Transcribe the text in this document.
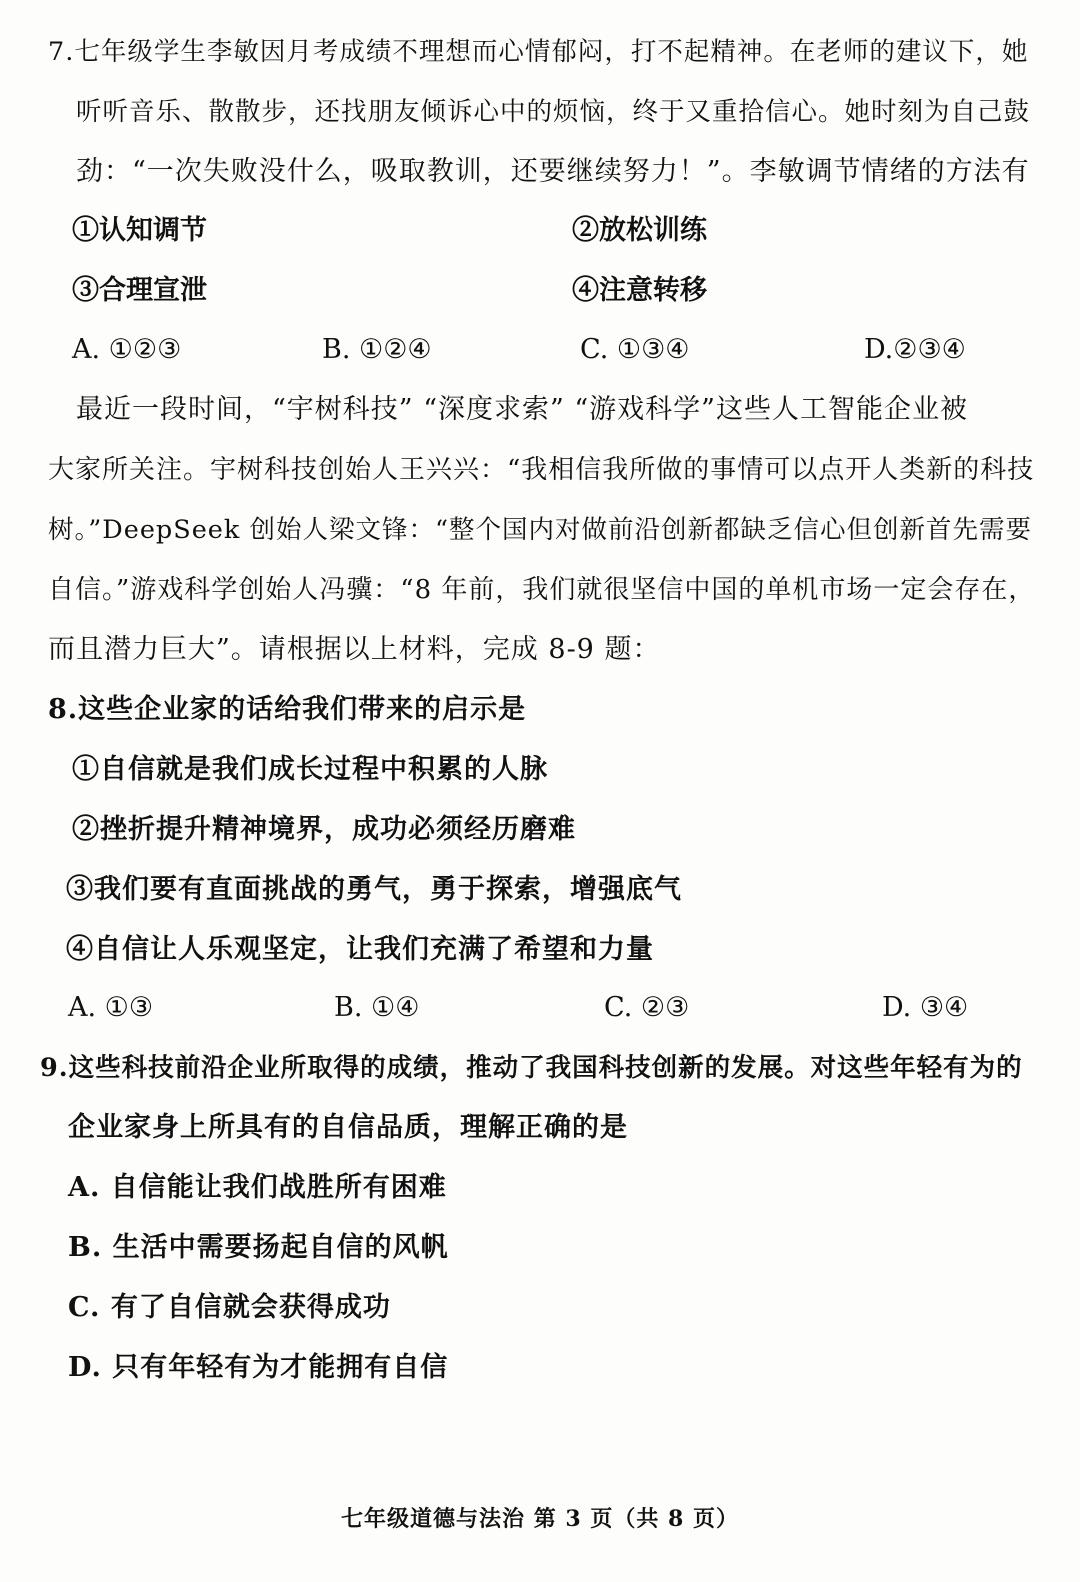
7.七年级学生李敏因月考成绩不理想而心情郁闷，打不起精神。在老师的建议下，她
听听音乐、散散步，还找朋友倾诉心中的烦恼，终于又重拾信心。她时刻为自己鼓
劲：“一次失败没什么，吸取教训，还要继续努力！”。李敏调节情绪的方法有
①认知调节	②放松训练
③合理宣泄	④注意转移
A. ①②③	B. ①②④	C. ①③④	D.②③④
最近一段时间，“宇树科技” “深度求索” “游戏科学”这些人工智能企业被
大家所关注。宇树科技创始人王兴兴：“我相信我所做的事情可以点开人类新的科技
树。”DeepSeek 创始人梁文锋：“整个国内对做前沿创新都缺乏信心但创新首先需要
自信。”游戏科学创始人冯骥：“8 年前，我们就很坚信中国的单机市场一定会存在，
而且潜力巨大”。请根据以上材料，完成 8-9 题：
8.这些企业家的话给我们带来的启示是
①自信就是我们成长过程中积累的人脉
②挫折提升精神境界，成功必须经历磨难
③我们要有直面挑战的勇气，勇于探索，增强底气
④自信让人乐观坚定，让我们充满了希望和力量
A. ①③	B. ①④	C. ②③	D. ③④
9.这些科技前沿企业所取得的成绩，推动了我国科技创新的发展。对这些年轻有为的
企业家身上所具有的自信品质，理解正确的是
A. 自信能让我们战胜所有困难
B. 生活中需要扬起自信的风帆
C. 有了自信就会获得成功
D. 只有年轻有为才能拥有自信
七年级道德与法治 第 3 页（共 8 页）
